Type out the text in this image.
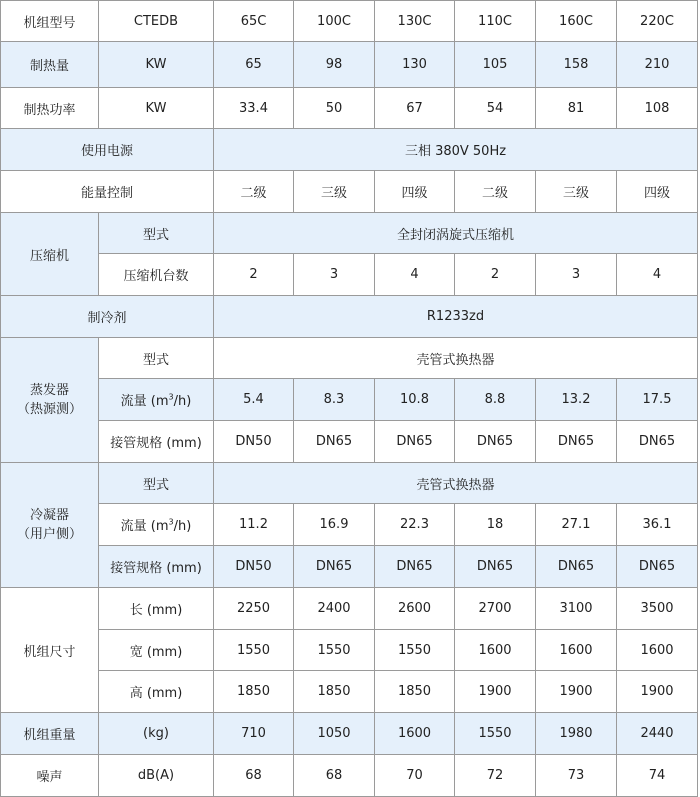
机组型号	CTEDB	65C	100C	130C	110C	160C	220C
制热量	KW	65	98	130	105	158	210
制热功率	KW	33.4	50	67	54	81	108
使用电源		三相 380V 50Hz					
能量控制		二级	三级	四级	二级	三级	四级
压缩机	型式	全封闭涡旋式压缩机					
	压缩机台数	2	3	4	2	3	4
制冷剂		R1233zd					

蒸发器
（热源测）	型式	壳管式换热器					
	流量 $(m^3/h)$	5.4	8.3	10.8	8.8	13.2	17.5
	接管规格 (mm)	DN50	DN65	DN65	DN65	DN65	DN65

冷凝器
（用户侧）	型式	壳管式换热器					
	流量 $(m^3/h)$	11.2	16.9	22.3	18	27.1	36.1
	接管规格 (mm)	DN50	DN65	DN65	DN65	DN65	DN65
机组尺寸	长 (mm)	2250	2400	2600	2700	3100	3500
	宽 (mm)	1550	1550	1550	1600	1600	1600
	高 (mm)	1850	1850	1850	1900	1900	1900
机组重量	(kg)	710	1050	1600	1550	1980	2440
噪声	dB(A)	68	68	70	72	73	74
